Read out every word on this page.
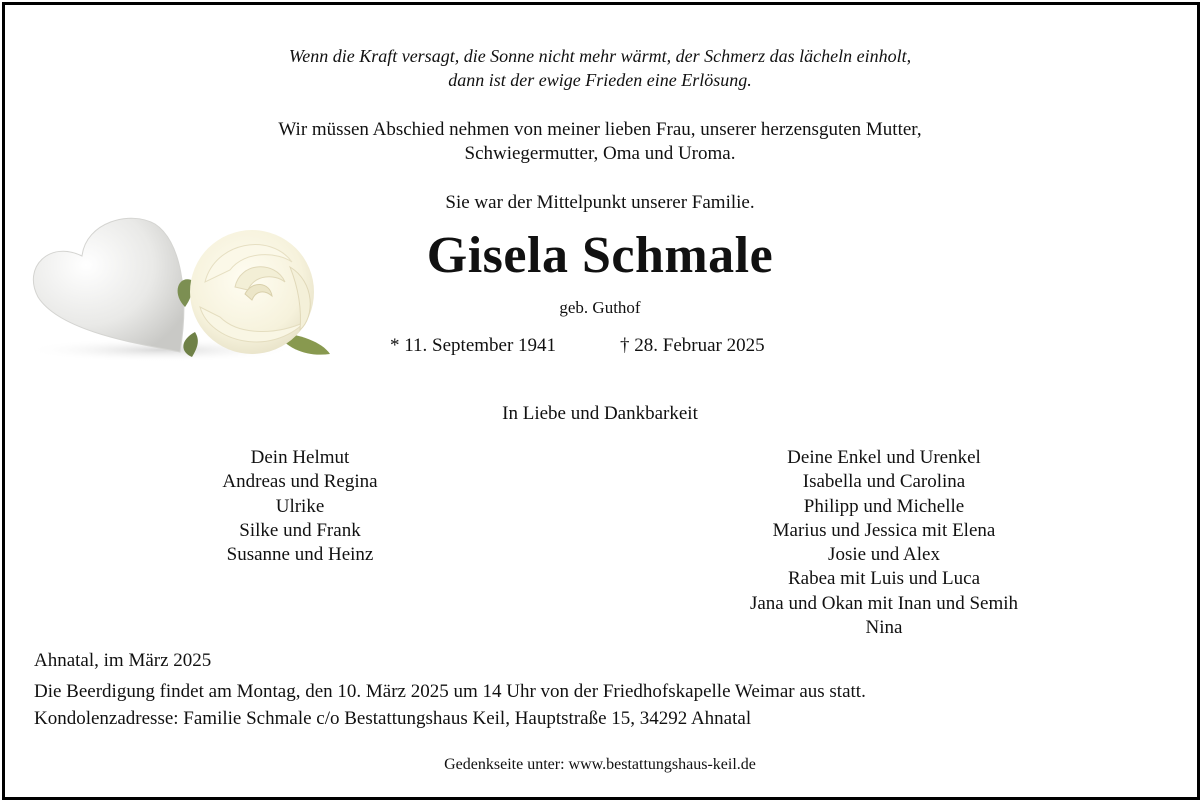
Wenn die Kraft versagt, die Sonne nicht mehr wärmt, der Schmerz das lächeln einholt,
dann ist der ewige Frieden eine Erlösung.
Wir müssen Abschied nehmen von meiner lieben Frau, unserer herzensguten Mutter,
Schwiegermutter, Oma und Uroma.
Sie war der Mittelpunkt unserer Familie.
Gisela Schmale
geb. Guthof
* 11. September 1941	† 28. Februar 2025
In Liebe und Dankbarkeit
Dein Helmut
Andreas und Regina
Ulrike
Silke und Frank
Susanne und Heinz
Deine Enkel und Urenkel
Isabella und Carolina
Philipp und Michelle
Marius und Jessica mit Elena
Josie und Alex
Rabea mit Luis und Luca
Jana und Okan mit Inan und Semih
Nina
Ahnatal, im März 2025
Die Beerdigung findet am Montag, den 10. März 2025 um 14 Uhr von der Friedhofskapelle Weimar aus statt.
Kondolenzadresse: Familie Schmale c/o Bestattungshaus Keil, Hauptstraße 15, 34292 Ahnatal
Gedenkseite unter: www.bestattungshaus-keil.de
